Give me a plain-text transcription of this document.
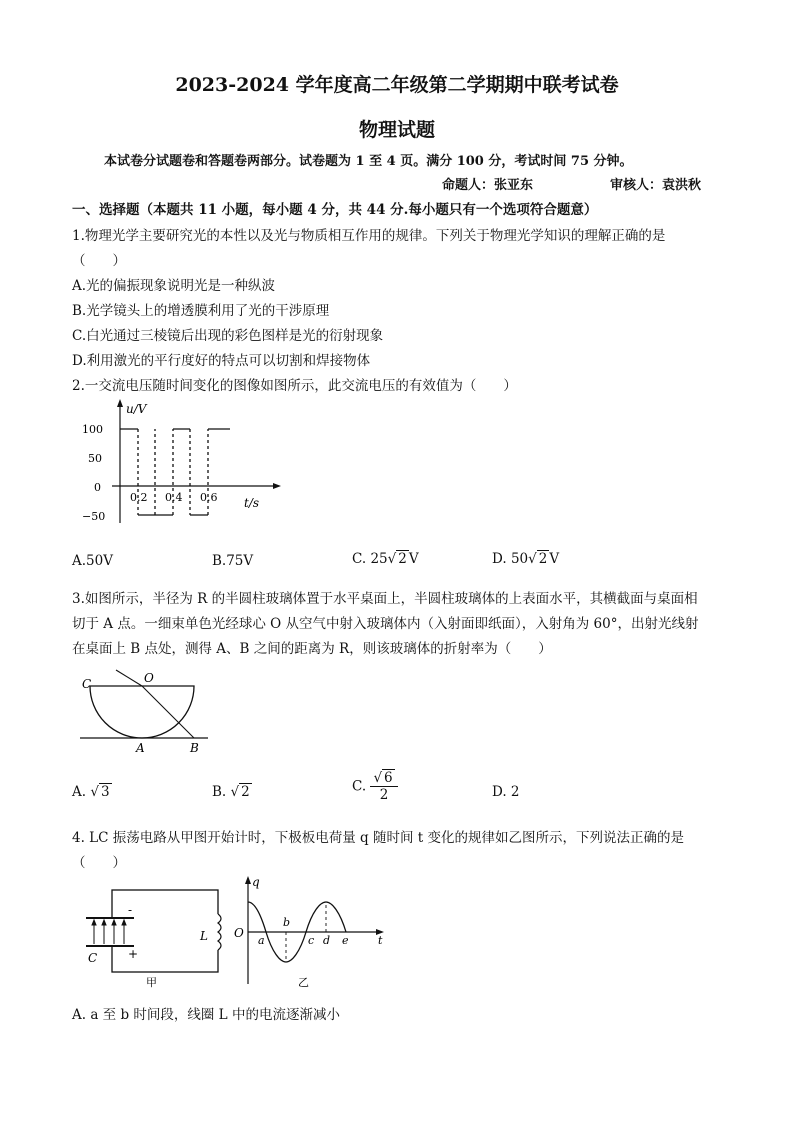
2023-2024 学年度高二年级第二学期期中联考试卷
物理试题
本试卷分试题卷和答题卷两部分。试卷题为 1 至 4 页。满分 100 分，考试时间 75 分钟。
命题人：张亚东	审核人：袁洪秋
一、选择题（本题共 11 小题，每小题 4 分，共 44 分.每小题只有一个选项符合题意）
1.物理光学主要研究光的本性以及光与物质相互作用的规律。下列关于物理光学知识的理解正确的是
（　　）
A.光的偏振现象说明光是一种纵波
B.光学镜头上的增透膜利用了光的干涉原理
C.白光通过三棱镜后出现的彩色图样是光的衍射现象
D.利用激光的平行度好的特点可以切割和焊接物体
2.一交流电压随时间变化的图像如图所示，此交流电压的有效值为（　　）
u/V
t/s
100
50
0
−50
0.2 0.4 0.6
A.50V	B.75V	C. 25√ 2 V	D. 50√ 2 V
3.如图所示，半径为 R 的半圆柱玻璃体置于水平桌面上，半圆柱玻璃体的上表面水平，其横截面与桌面相
切于 A 点。一细束单色光经球心 O 从空气中射入玻璃体内（入射面即纸面），入射角为 60°，出射光线射
在桌面上 B 点处，测得 A、B 之间的距离为 R，则该玻璃体的折射率为（　　）
C	O
A	B
A. √ 3	B. √ 2	C. $\frac{√ 6}{2}$	D. 2
4. LC 振荡电路从甲图开始计时，下极板电荷量 q 随时间 t 变化的规律如乙图所示，下列说法正确的是
（　　）
-
+
C
L
甲
q
O
a
b
c d e	t
乙
A. a 至 b 时间段，线圈 L 中的电流逐渐减小
